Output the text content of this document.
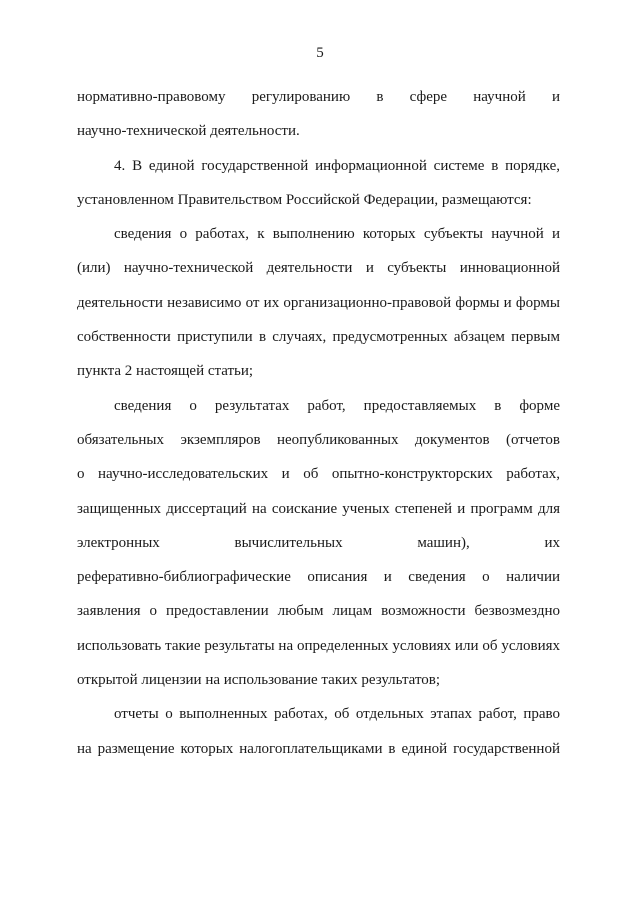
5
нормативно-правовому регулированию в сфере научной и
научно-технической деятельности.
4. В единой государственной информационной системе в порядке,
установленном Правительством Российской Федерации, размещаются:
сведения о работах, к выполнению которых субъекты научной и
(или) научно-технической деятельности и субъекты инновационной
деятельности независимо от их организационно-правовой формы и формы
собственности приступили в случаях, предусмотренных абзацем первым
пункта 2 настоящей статьи;
сведения о результатах работ, предоставляемых в форме
обязательных экземпляров неопубликованных документов (отчетов
о научно-исследовательских и об опытно-конструкторских работах,
защищенных диссертаций на соискание ученых степеней и программ для
электронных вычислительных машин), их
реферативно-библиографические описания и сведения о наличии
заявления о предоставлении любым лицам возможности безвозмездно
использовать такие результаты на определенных условиях или об условиях
открытой лицензии на использование таких результатов;
отчеты о выполненных работах, об отдельных этапах работ, право
на размещение которых налогоплательщиками в единой государственной
